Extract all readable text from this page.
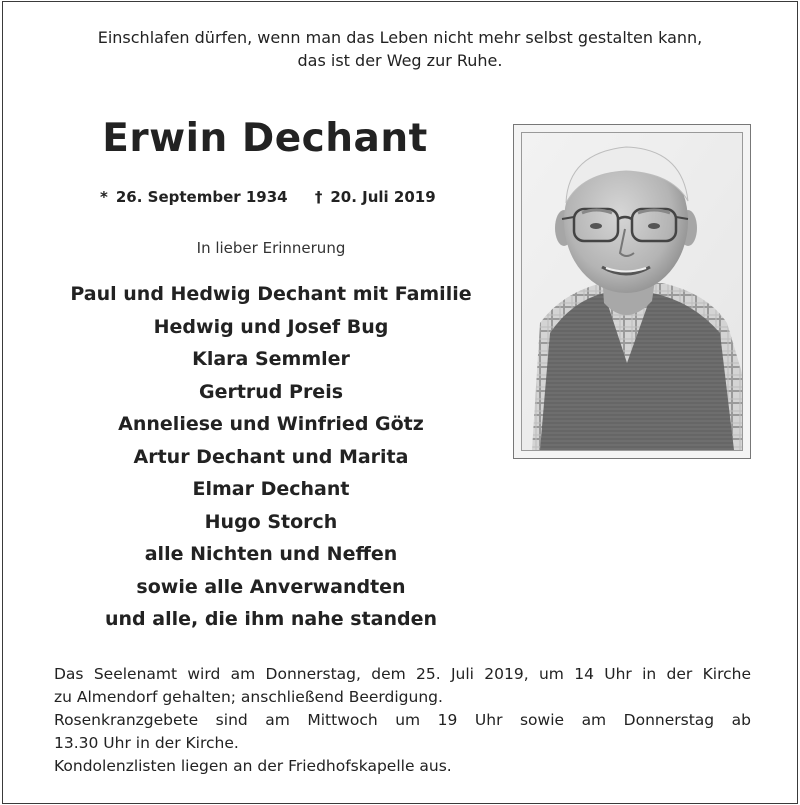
Einschlafen dürfen, wenn man das Leben nicht mehr selbst gestalten kann,
das ist der Weg zur Ruhe.
Erwin Dechant
* 26. September 1934 † 20. Juli 2019
In lieber Erinnerung
Paul und Hedwig Dechant mit Familie
Hedwig und Josef Bug
Klara Semmler
Gertrud Preis
Anneliese und Winfried Götz
Artur Dechant und Marita
Elmar Dechant
Hugo Storch
alle Nichten und Neffen
sowie alle Anverwandten
und alle, die ihm nahe standen

Das Seelenamt wird am Donnerstag, dem 25. Juli 2019, um 14 Uhr in der Kirche

zu Almendorf gehalten; anschließend Beerdigung.

Rosenkranzgebete sind am Mittwoch um 19 Uhr sowie am Donnerstag ab

13.30 Uhr in der Kirche.

Kondolenzlisten liegen an der Friedhofskapelle aus.
